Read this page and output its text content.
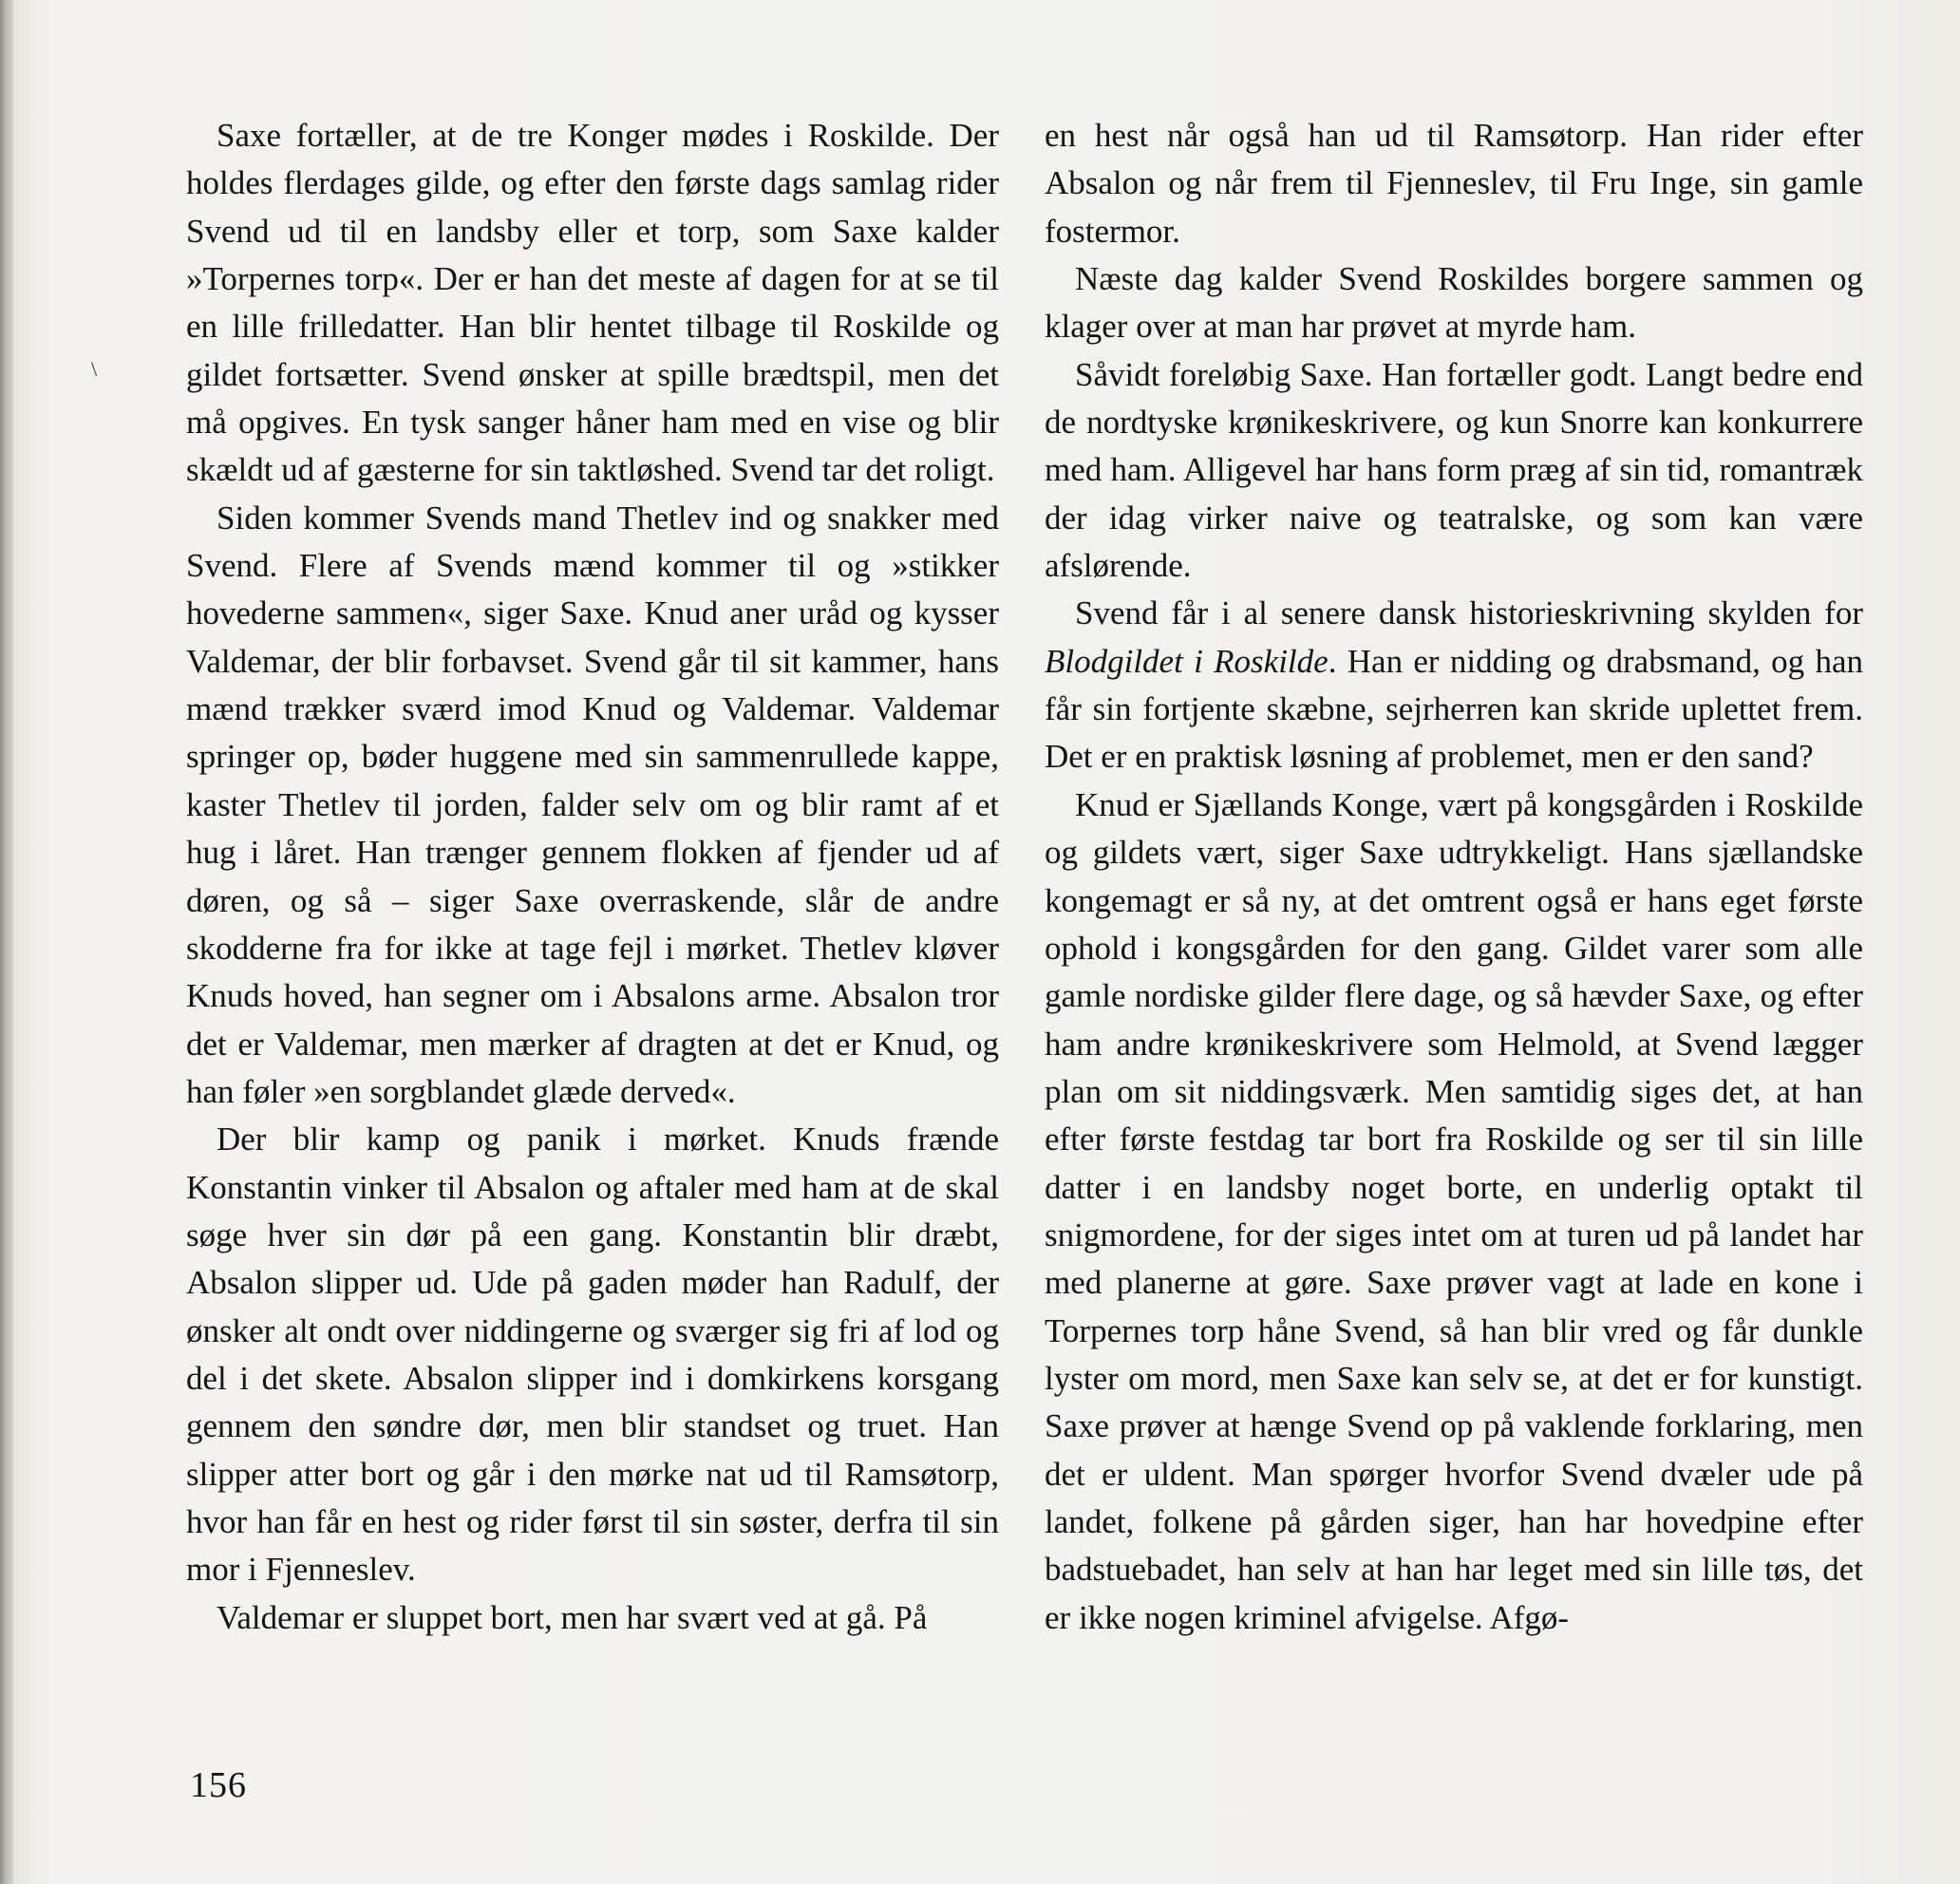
\

Saxe fortæller, at de tre Konger mødes i Roskilde. Der holdes flerdages gilde, og efter den første dags samlag rider Svend ud til en landsby eller et torp, som Saxe kalder »Torpernes torp«. Der er han det meste af dagen for at se til en lille frilledatter. Han blir hentet tilbage til Roskilde og gildet fortsætter. Svend ønsker at spille brædtspil, men det må opgives. En tysk sanger håner ham med en vise og blir skældt ud af gæsterne for sin taktløshed. Svend tar det roligt.

Siden kommer Svends mand Thetlev ind og snakker med Svend. Flere af Svends mænd kommer til og »stikker hovederne sammen«, siger Saxe. Knud aner uråd og kysser Valdemar, der blir forbavset. Svend går til sit kammer, hans mænd trækker sværd imod Knud og Valdemar. Valdemar springer op, bøder huggene med sin sammenrullede kappe, kaster Thetlev til jorden, falder selv om og blir ramt af et hug i låret. Han trænger gennem flokken af fjender ud af døren, og så – siger Saxe overraskende, slår de andre skodderne fra for ikke at tage fejl i mørket. Thetlev kløver Knuds hoved, han segner om i Absalons arme. Absalon tror det er Valdemar, men mærker af dragten at det er Knud, og han føler »en sorgblandet glæde derved«.

Der blir kamp og panik i mørket. Knuds frænde Konstantin vinker til Absalon og aftaler med ham at de skal søge hver sin dør på een gang. Konstantin blir dræbt, Absalon slipper ud. Ude på gaden møder han Radulf, der ønsker alt ondt over niddingerne og sværger sig fri af lod og del i det skete. Absalon slipper ind i domkirkens korsgang gennem den søndre dør, men blir standset og truet. Han slipper atter bort og går i den mørke nat ud til Ramsøtorp, hvor han får en hest og rider først til sin søster, derfra til sin mor i Fjenneslev.

Valdemar er sluppet bort, men har svært ved at gå. På

en hest når også han ud til Ramsøtorp. Han rider efter Absalon og når frem til Fjenneslev, til Fru Inge, sin gamle fostermor.

Næste dag kalder Svend Roskildes borgere sammen og klager over at man har prøvet at myrde ham.

Såvidt foreløbig Saxe. Han fortæller godt. Langt bedre end de nordtyske krønikeskrivere, og kun Snorre kan konkurrere med ham. Alligevel har hans form præg af sin tid, romantræk der idag virker naive og teatralske, og som kan være afslørende.

Svend får i al senere dansk historieskrivning skylden for Blodgildet i Roskilde. Han er nidding og drabsmand, og han får sin fortjente skæbne, sejrherren kan skride uplettet frem. Det er en praktisk løsning af problemet, men er den sand?

Knud er Sjællands Konge, vært på kongsgården i Roskilde og gildets vært, siger Saxe udtrykkeligt. Hans sjællandske kongemagt er så ny, at det omtrent også er hans eget første ophold i kongsgården for den gang. Gildet varer som alle gamle nordiske gilder flere dage, og så hævder Saxe, og efter ham andre krønikeskrivere som Helmold, at Svend lægger plan om sit niddingsværk. Men samtidig siges det, at han efter første festdag tar bort fra Roskilde og ser til sin lille datter i en landsby noget borte, en underlig optakt til snigmordene, for der siges intet om at turen ud på landet har med planerne at gøre. Saxe prøver vagt at lade en kone i Torpernes torp håne Svend, så han blir vred og får dunkle lyster om mord, men Saxe kan selv se, at det er for kunstigt. Saxe prøver at hænge Svend op på vaklende forklaring, men det er uldent. Man spørger hvorfor Svend dvæler ude på landet, folkene på gården siger, han har hovedpine efter badstuebadet, han selv at han har leget med sin lille tøs, det er ikke nogen kriminel afvigelse. Afgø-

156
